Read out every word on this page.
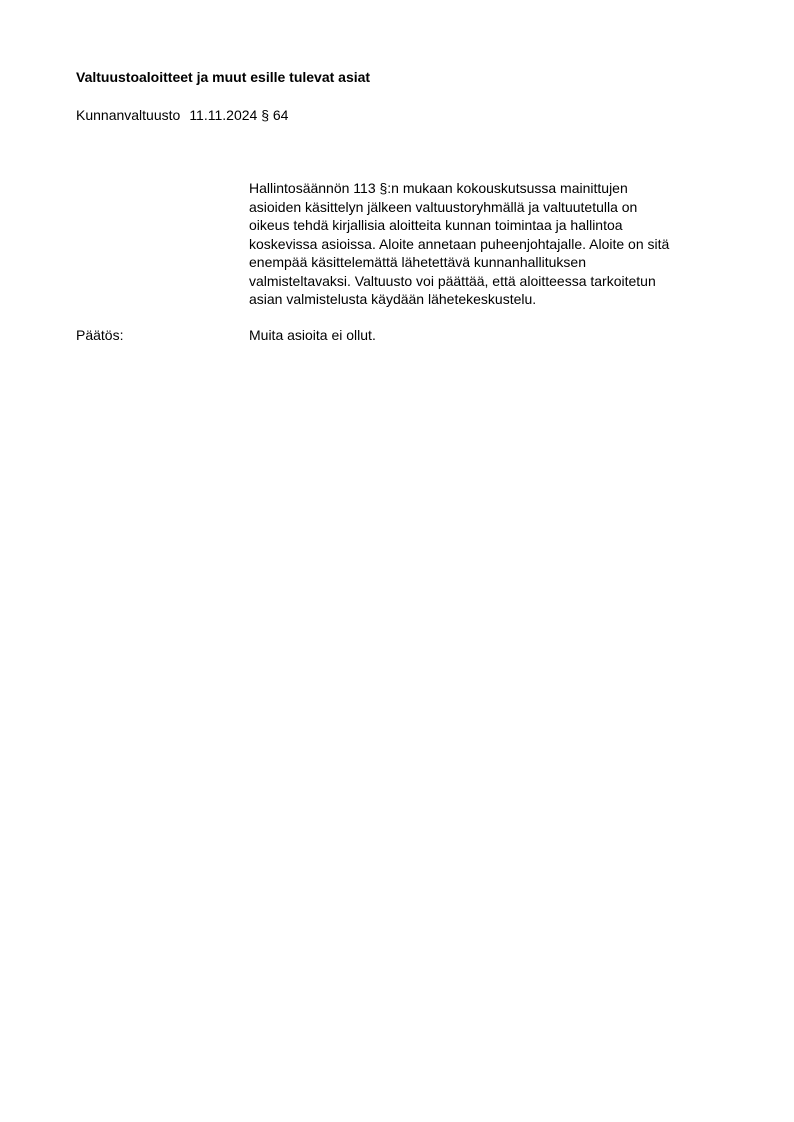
Valtuustoaloitteet ja muut esille tulevat asiat
Kunnanvaltuusto 11.11.2024 § 64
Hallintosäännön 113 §:n mukaan kokouskutsussa mainittujen
asioiden käsittelyn jälkeen valtuustoryhmällä ja valtuutetulla on
oikeus tehdä kirjallisia aloitteita kunnan toimintaa ja hallintoa
koskevissa asioissa. Aloite annetaan puheenjohtajalle. Aloite on sitä
enempää käsittelemättä lähetettävä kunnanhallituksen
valmisteltavaksi. Valtuusto voi päättää, että aloitteessa tarkoitetun
asian valmistelusta käydään lähetekeskustelu.
Päätös:	Muita asioita ei ollut.
